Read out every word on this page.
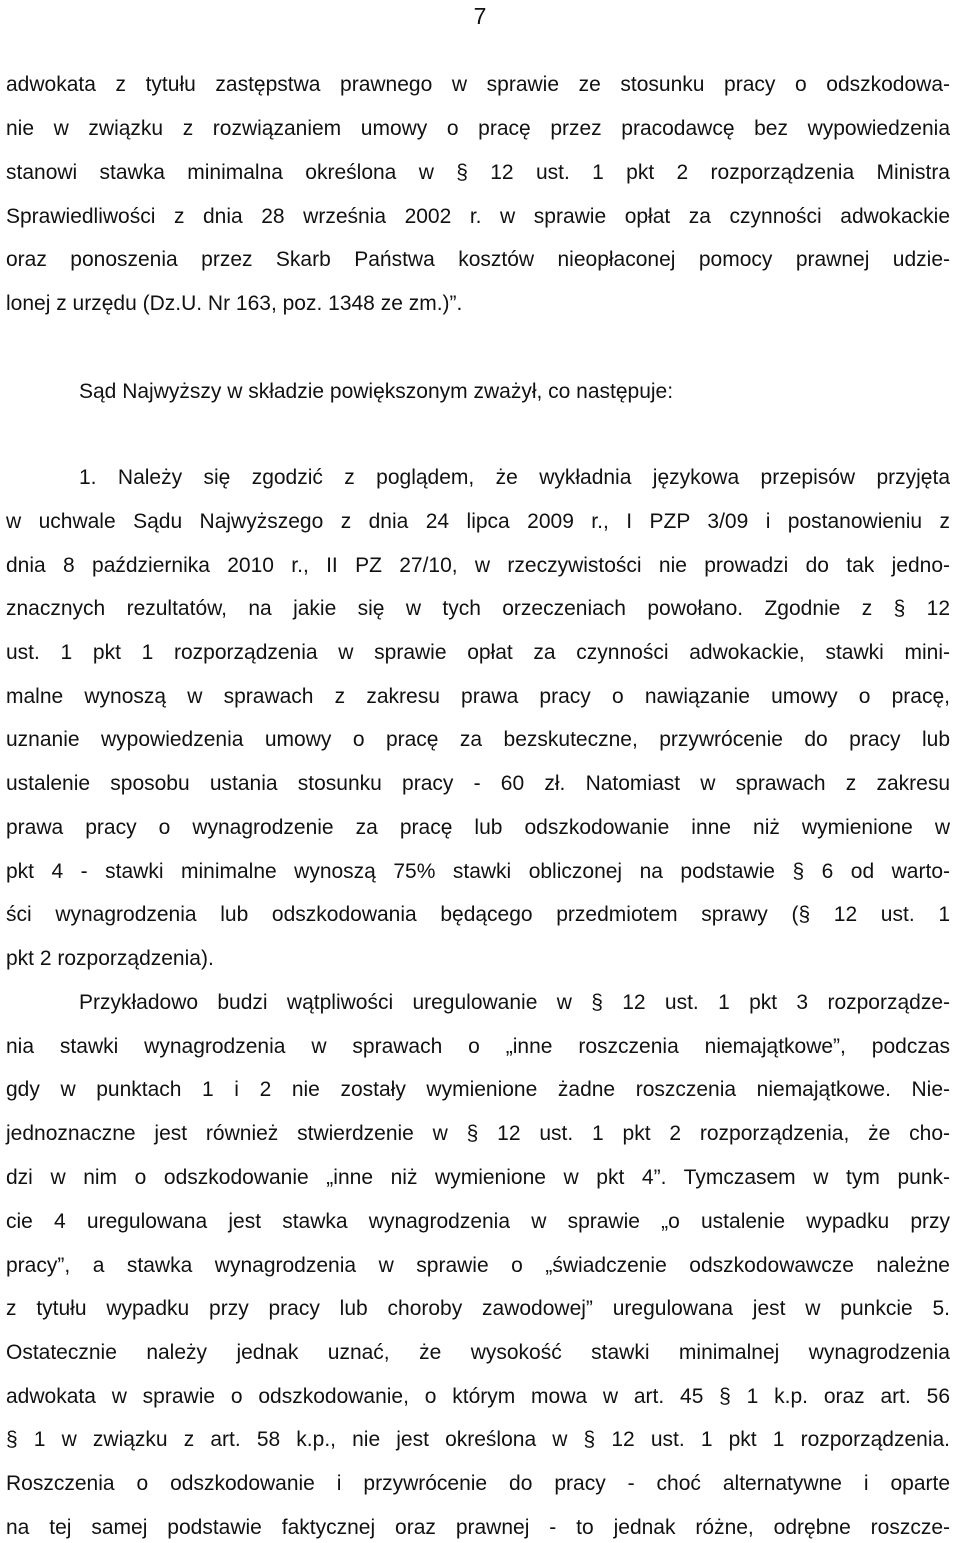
7
adwokata z tytułu zastępstwa prawnego w sprawie ze stosunku pracy o odszkodowa-
nie w związku z rozwiązaniem umowy o pracę przez pracodawcę bez wypowiedzenia
stanowi stawka minimalna określona w § 12 ust. 1 pkt 2 rozporządzenia Ministra
Sprawiedliwości z dnia 28 września 2002 r. w sprawie opłat za czynności adwokackie
oraz ponoszenia przez Skarb Państwa kosztów nieopłaconej pomocy prawnej udzie-
lonej z urzędu (Dz.U. Nr 163, poz. 1348 ze zm.)”.
Sąd Najwyższy w składzie powiększonym zważył, co następuje:
1. Należy się zgodzić z poglądem, że wykładnia językowa przepisów przyjęta
w uchwale Sądu Najwyższego z dnia 24 lipca 2009 r., I PZP 3/09 i postanowieniu z
dnia 8 października 2010 r., II PZ 27/10, w rzeczywistości nie prowadzi do tak jedno-
znacznych rezultatów, na jakie się w tych orzeczeniach powołano. Zgodnie z § 12
ust. 1 pkt 1 rozporządzenia w sprawie opłat za czynności adwokackie, stawki mini-
malne wynoszą w sprawach z zakresu prawa pracy o nawiązanie umowy o pracę,
uznanie wypowiedzenia umowy o pracę za bezskuteczne, przywrócenie do pracy lub
ustalenie sposobu ustania stosunku pracy - 60 zł. Natomiast w sprawach z zakresu
prawa pracy o wynagrodzenie za pracę lub odszkodowanie inne niż wymienione w
pkt 4 - stawki minimalne wynoszą 75% stawki obliczonej na podstawie § 6 od warto-
ści wynagrodzenia lub odszkodowania będącego przedmiotem sprawy (§ 12 ust. 1
pkt 2 rozporządzenia).
Przykładowo budzi wątpliwości uregulowanie w § 12 ust. 1 pkt 3 rozporządze-
nia stawki wynagrodzenia w sprawach o „inne roszczenia niemajątkowe”, podczas
gdy w punktach 1 i 2 nie zostały wymienione żadne roszczenia niemajątkowe. Nie-
jednoznaczne jest również stwierdzenie w § 12 ust. 1 pkt 2 rozporządzenia, że cho-
dzi w nim o odszkodowanie „inne niż wymienione w pkt 4”. Tymczasem w tym punk-
cie 4 uregulowana jest stawka wynagrodzenia w sprawie „o ustalenie wypadku przy
pracy”, a stawka wynagrodzenia w sprawie o „świadczenie odszkodowawcze należne
z tytułu wypadku przy pracy lub choroby zawodowej” uregulowana jest w punkcie 5.
Ostatecznie należy jednak uznać, że wysokość stawki minimalnej wynagrodzenia
adwokata w sprawie o odszkodowanie, o którym mowa w art. 45 § 1 k.p. oraz art. 56
§ 1 w związku z art. 58 k.p., nie jest określona w § 12 ust. 1 pkt 1 rozporządzenia.
Roszczenia o odszkodowanie i przywrócenie do pracy - choć alternatywne i oparte
na tej samej podstawie faktycznej oraz prawnej - to jednak różne, odrębne roszcze-
